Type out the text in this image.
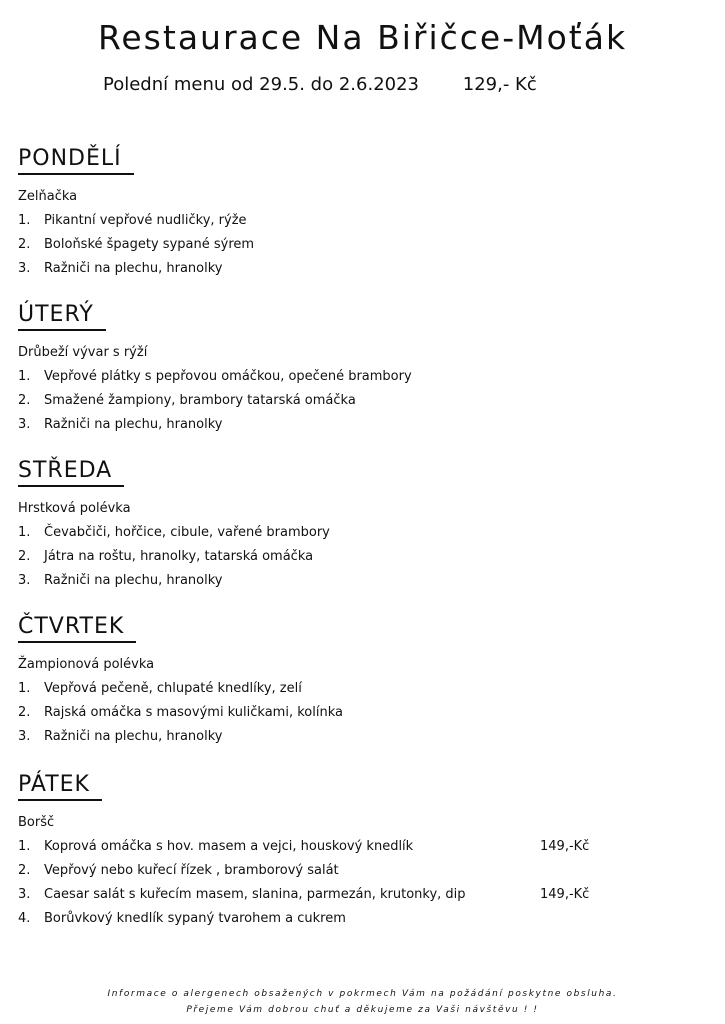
Restaurace Na Biřičce-Moťák
Polední menu od 29.5. do 2.6.2023 129,- Kč
PONDĚLÍ
Zelňačka
1. Pikantní vepřové nudličky, rýže
2. Boloňské špagety sypané sýrem
3. Ražniči na plechu, hranolky
ÚTERÝ
Drůbeží vývar s rýží
1. Vepřové plátky s pepřovou omáčkou, opečené brambory
2. Smažené žampiony, brambory tatarská omáčka
3. Ražniči na plechu, hranolky
STŘEDA
Hrstková polévka
1. Čevabčiči, hořčice, cibule, vařené brambory
2. Játra na roštu, hranolky, tatarská omáčka
3. Ražniči na plechu, hranolky
ČTVRTEK
Žampionová polévka
1. Vepřová pečeně, chlupaté knedlíky, zelí
2. Rajská omáčka s masovými kuličkami, kolínka
3. Ražniči na plechu, hranolky
PÁTEK
Boršč
1. Koprová omáčka s hov. masem a vejci, houskový knedlík	149,-Kč
2. Vepřový nebo kuřecí řízek , bramborový salát
3. Caesar salát s kuřecím masem, slanina, parmezán, krutonky, dip	149,-Kč
4. Borůvkový knedlík sypaný tvarohem a cukrem
Informace o alergenech obsažených v pokrmech Vám na požádání poskytne obsluha.
Přejeme Vám dobrou chuť a děkujeme za Vaši návštěvu ! !
